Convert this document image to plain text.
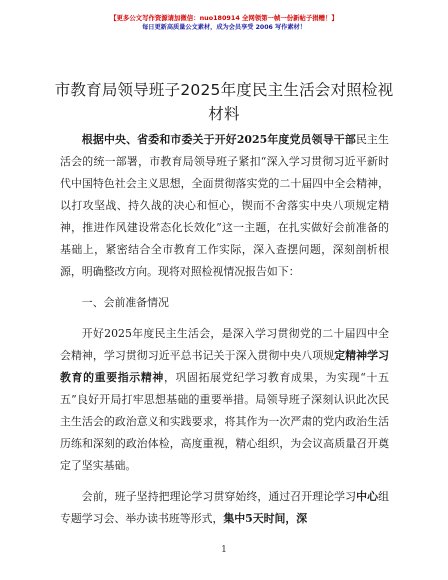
【更多公文写作资源请加微信：nuo180914 全网领第一帧一份新帖子捐赠！】
每日更新高质量公文素材，成为会员享受 2006 写作素材！
市教育局领导班子2025年度民主生活会对照检视材料

根据中央、省委和市委关于开好2025年度党员领导干部民主生活会的统一部署，市教育局领导班子紧扣“深入学习贯彻习近平新时代中国特色社会主义思想，全面贯彻落实党的二十届四中全会精神，以打攻坚战、持久战的决心和恒心，锲而不舍落实中央八项规定精神，推进作风建设常态化长效化”这一主题，在扎实做好会前准备的基础上，紧密结合全市教育工作实际，深入查摆问题，深刻剖析根源，明确整改方向。现将对照检视情况报告如下：

一、会前准备情况

开好2025年度民主生活会，是深入学习贯彻党的二十届四中全会精神，学习贯彻习近平总书记关于深入贯彻中央八项规定精神学习教育的重要指示精神，巩固拓展党纪学习教育成果，为实现“十五五”良好开局打牢思想基础的重要举措。局领导班子深刻认识此次民主生活会的政治意义和实践要求，将其作为一次严肃的党内政治生活历练和深刻的政治体检，高度重视，精心组织，为会议高质量召开奠定了坚实基础。

会前，班子坚持把理论学习贯穿始终，通过召开理论学习中心组专题学习会、举办读书班等形式，集中5天时间，深

1
